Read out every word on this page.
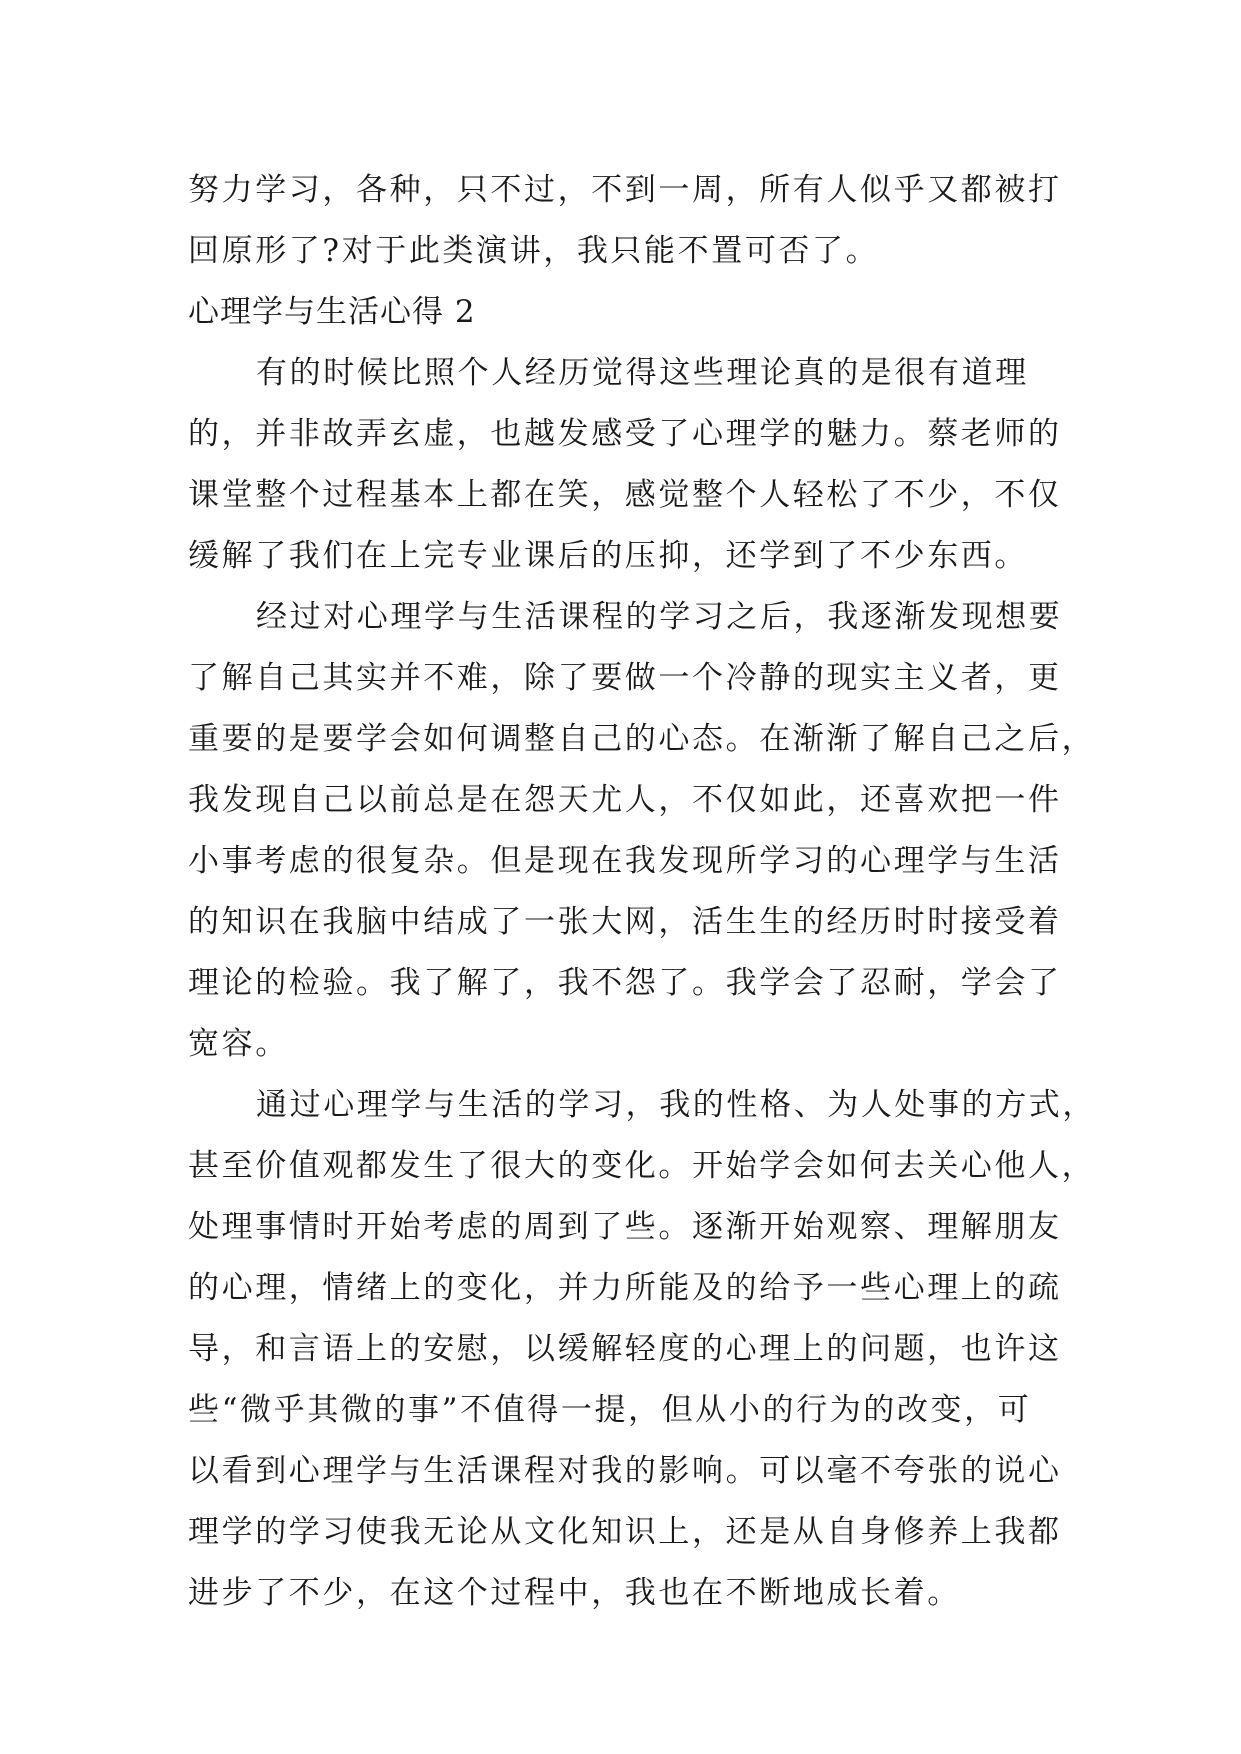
努力学习，各种，只不过，不到一周，所有人似乎又都被打
回原形了?对于此类演讲，我只能不置可否了。
心理学与生活心得 2
有的时候比照个人经历觉得这些理论真的是很有道理
的，并非故弄玄虚，也越发感受了心理学的魅力。蔡老师的
课堂整个过程基本上都在笑，感觉整个人轻松了不少，不仅
缓解了我们在上完专业课后的压抑，还学到了不少东西。
经过对心理学与生活课程的学习之后，我逐渐发现想要
了解自己其实并不难，除了要做一个冷静的现实主义者，更
重要的是要学会如何调整自己的心态。在渐渐了解自己之后，
我发现自己以前总是在怨天尤人，不仅如此，还喜欢把一件
小事考虑的很复杂。但是现在我发现所学习的心理学与生活
的知识在我脑中结成了一张大网，活生生的经历时时接受着
理论的检验。我了解了，我不怨了。我学会了忍耐，学会了
宽容。
通过心理学与生活的学习，我的性格、为人处事的方式，
甚至价值观都发生了很大的变化。开始学会如何去关心他人，
处理事情时开始考虑的周到了些。逐渐开始观察、理解朋友
的心理，情绪上的变化，并力所能及的给予一些心理上的疏
导，和言语上的安慰，以缓解轻度的心理上的问题，也许这
些“微乎其微的事”不值得一提，但从小的行为的改变，可
以看到心理学与生活课程对我的影响。可以毫不夸张的说心
理学的学习使我无论从文化知识上，还是从自身修养上我都
进步了不少，在这个过程中，我也在不断地成长着。
